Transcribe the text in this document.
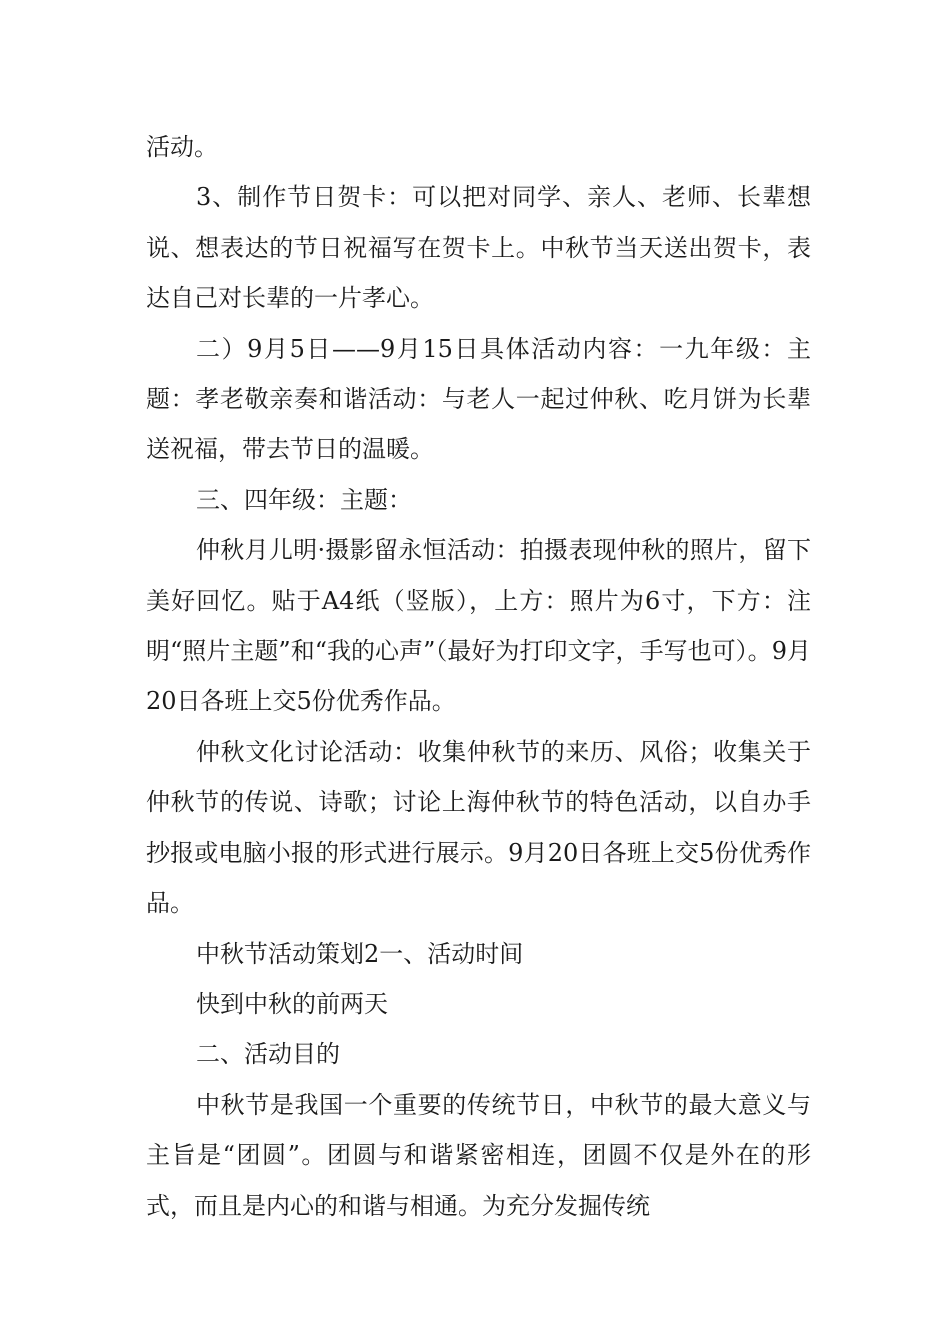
活动。

3、制作节日贺卡：可以把对同学、亲人、老师、长辈想说、想表达的节日祝福写在贺卡上。中秋节当天送出贺卡，表达自己对长辈的一片孝心。

二）9月5日——9月15日具体活动内容：一九年级：主题：孝老敬亲奏和谐活动：与老人一起过仲秋、吃月饼为长辈送祝福，带去节日的温暖。

三、四年级：主题：

仲秋月儿明·摄影留永恒活动：拍摄表现仲秋的照片，留下美好回忆。贴于A4纸（竖版），上方：照片为6寸，下方：注明“照片主题”和“我的心声”（最好为打印文字，手写也可）。9月20日各班上交5份优秀作品。

仲秋文化讨论活动：收集仲秋节的来历、风俗；收集关于仲秋节的传说、诗歌；讨论上海仲秋节的特色活动，以自办手抄报或电脑小报的形式进行展示。9月20日各班上交5份优秀作品。

中秋节活动策划2一、活动时间

快到中秋的前两天

二、活动目的

中秋节是我国一个重要的传统节日，中秋节的最大意义与主旨是“团圆”。团圆与和谐紧密相连，团圆不仅是外在的形式，而且是内心的和谐与相通。为充分发掘传统
